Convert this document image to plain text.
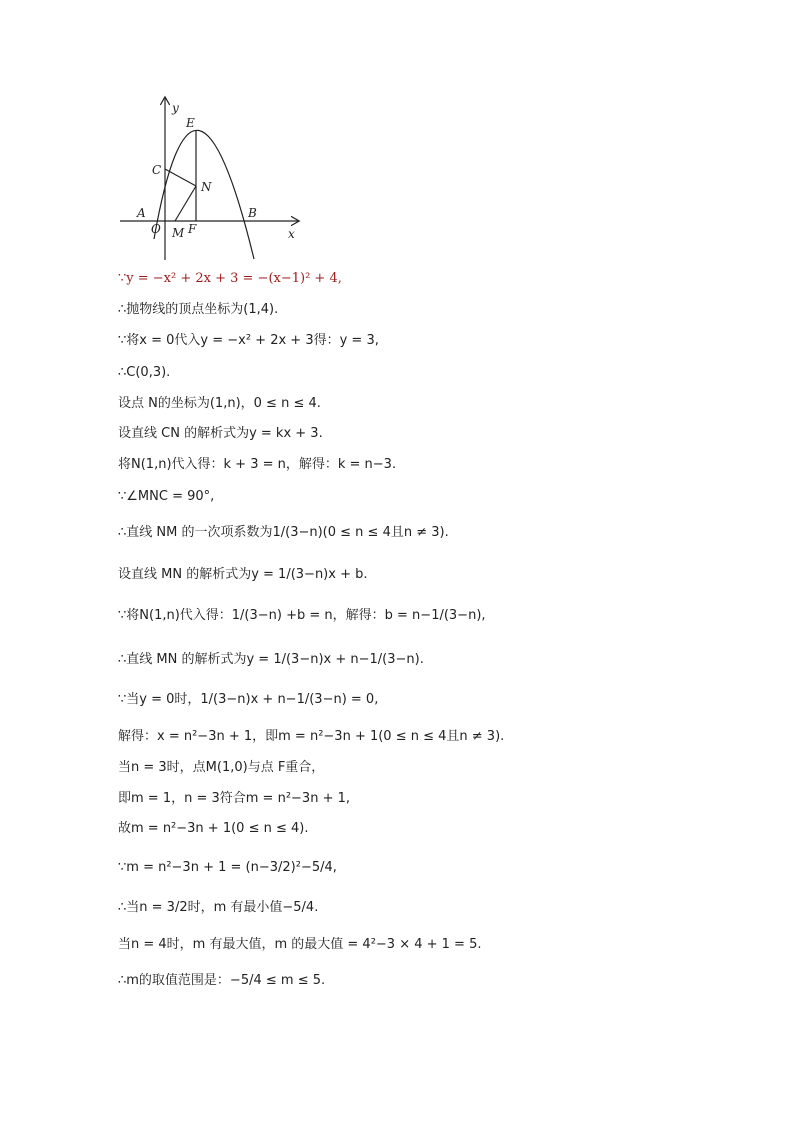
y
E
C
N
A	B
O M F	x
∵y = −x² + 2x + 3 = −(x−1)² + 4,
∴抛物线的顶点坐标为(1,4).
∵将x = 0代入y = −x² + 2x + 3得：y = 3,
∴C(0,3).
设点 N的坐标为(1,n)，0 ≤ n ≤ 4.
设直线 CN 的解析式为y = kx + 3.
将N(1,n)代入得：k + 3 = n，解得：k = n−3.
∵∠MNC = 90°,
∴直线 NM 的一次项系数为1/(3−n)(0 ≤ n ≤ 4且n ≠ 3).
设直线 MN 的解析式为y = 1/(3−n)x + b.
∵将N(1,n)代入得：1/(3−n) +b = n，解得：b = n−1/(3−n),
∴直线 MN 的解析式为y = 1/(3−n)x + n−1/(3−n).
∵当y = 0时，1/(3−n)x + n−1/(3−n) = 0,
解得：x = n²−3n + 1，即m = n²−3n + 1(0 ≤ n ≤ 4且n ≠ 3).
当n = 3时，点M(1,0)与点 F重合，
即m = 1，n = 3符合m = n²−3n + 1,
故m = n²−3n + 1(0 ≤ n ≤ 4).
∵m = n²−3n + 1 = (n−3/2)²−5/4,
∴当n = 3/2时，m 有最小值−5/4.
当n = 4时，m 有最大值，m 的最大值 = 4²−3 × 4 + 1 = 5.
∴m的取值范围是：−5/4 ≤ m ≤ 5.
